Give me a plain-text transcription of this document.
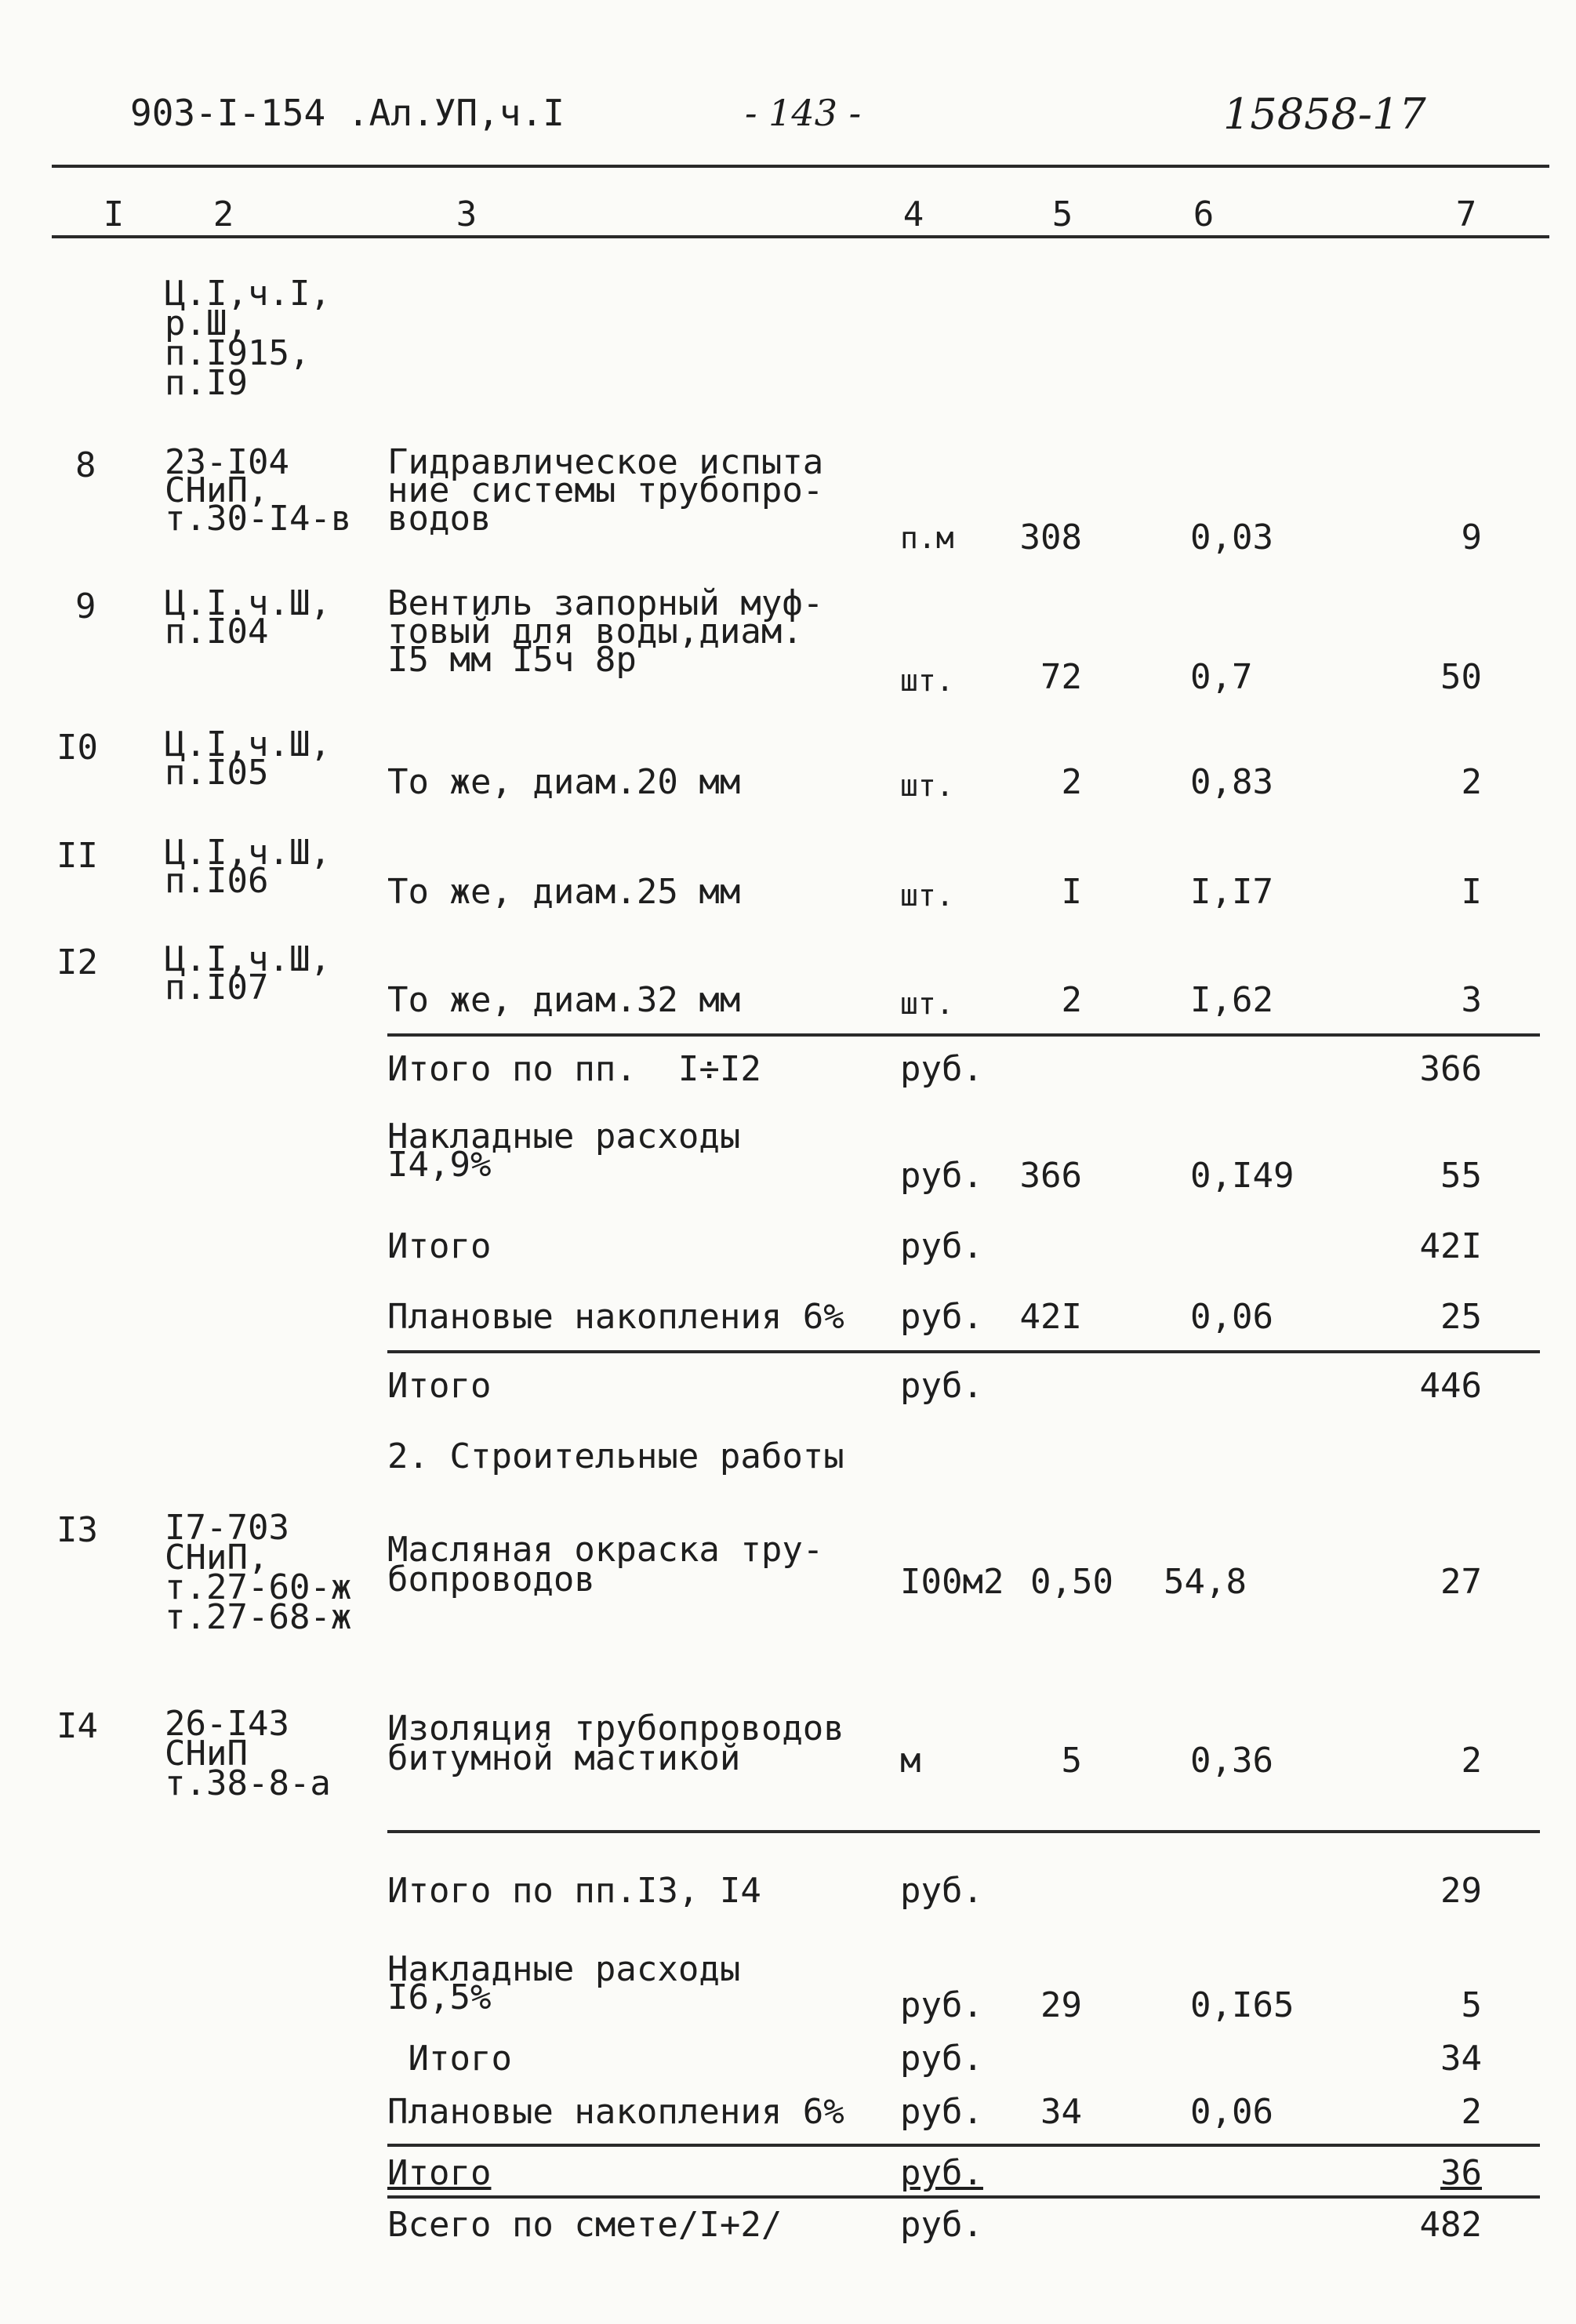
903-I-154 .Ал.УП,ч.I	- 143 -	15858-17
I	2	3	4	5	6	7
Ц.I,ч.I,
р.Ш,
п.I915,
п.I9
8 23-I04
СНиП,
т.30-I4-в
Гидравлическое испыта
ние системы трубопро-
водов	п.м	308	0,03	9
9 Ц.I.ч.Ш,
п.I04
Вентиль запорный муф-
товый для воды,диам.
I5 мм I5ч 8р
шт.	72	0,7	50
I0 Ц.I,ч.Ш,
п.I05	То же, диам.20 мм	шт.	2	0,83	2
II Ц.I,ч.Ш,
п.I06	То же, диам.25 мм	шт.	I	I,I7	I
I2 Ц.I,ч.Ш,
п.I07	То же, диам.32 мм	шт.	2	I,62	3
Итого по пп.  I÷I2	руб.	366
Накладные расходы
I4,9%	руб.	366	0,I49	55
Итого	руб.	42I
Плановые накопления 6% руб.	42I	0,06	25
Итого	руб.	446
2. Строительные работы
I3 I7-703
СНиП,
т.27-60-ж
т.27-68-ж
Масляная окраска тру-
бопроводов	I00м2 0,50 54,8	27
I4 26-I43
СНиП
т.38-8-а
Изоляция трубопроводов
битумной мастикой	м	5	0,36	2
Итого по пп.I3, I4	руб.	29
Накладные расходы
I6,5%	руб.	29	0,I65	5
Итого	руб.	34
Плановые накопления 6% руб.	34	0,06	2
Итого	руб.	36
Всего по смете/I+2/	руб.	482
